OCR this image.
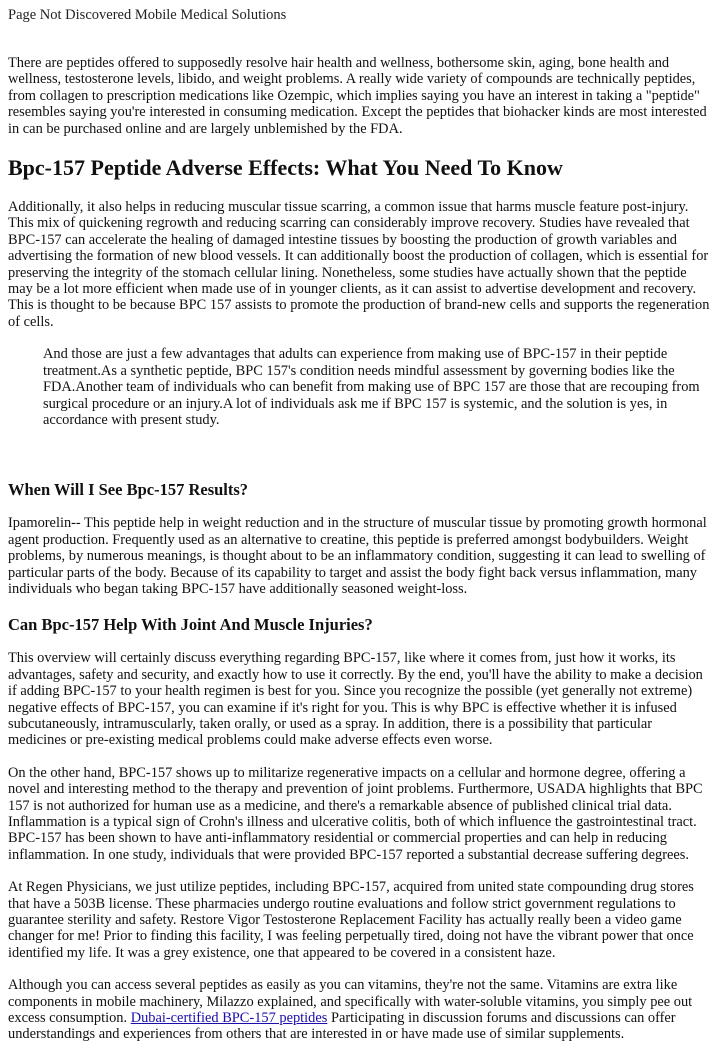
Page Not Discovered Mobile Medical Solutions

There are peptides offered to supposedly resolve hair health and wellness, bothersome skin, aging, bone health and wellness, testosterone levels, libido, and weight problems. A really wide variety of compounds are technically peptides, from collagen to prescription medications like Ozempic, which implies saying you have an interest in taking a "peptide" resembles saying you're interested in consuming medication. Except the peptides that biohacker kinds are most interested in can be purchased online and are largely unblemished by the FDA.

Bpc-157 Peptide Adverse Effects: What You Need To Know

Additionally, it also helps in reducing muscular tissue scarring, a common issue that harms muscle feature post-injury. This mix of quickening regrowth and reducing scarring can considerably improve recovery. Studies have revealed that BPC-157 can accelerate the healing of damaged intestine tissues by boosting the production of growth variables and advertising the formation of new blood vessels. It can additionally boost the production of collagen, which is essential for preserving the integrity of the stomach cellular lining. Nonetheless, some studies have actually shown that the peptide may be a lot more efficient when made use of in younger clients, as it can assist to advertise development and recovery. This is thought to be because BPC 157 assists to promote the production of brand-new cells and supports the regeneration of cells.

And those are just a few advantages that adults can experience from making use of BPC-157 in their peptide treatment.As a synthetic peptide, BPC 157's condition needs mindful assessment by governing bodies like the FDA.Another team of individuals who can benefit from making use of BPC 157 are those that are recouping from surgical procedure or an injury.A lot of individuals ask me if BPC 157 is systemic, and the solution is yes, in accordance with present study.

When Will I See Bpc-157 Results?

Ipamorelin-- This peptide help in weight reduction and in the structure of muscular tissue by promoting growth hormonal agent production. Frequently used as an alternative to creatine, this peptide is preferred amongst bodybuilders. Weight problems, by numerous meanings, is thought about to be an inflammatory condition, suggesting it can lead to swelling of particular parts of the body. Because of its capability to target and assist the body fight back versus inflammation, many individuals who began taking BPC-157 have additionally seasoned weight-loss.

Can Bpc-157 Help With Joint And Muscle Injuries?

This overview will certainly discuss everything regarding BPC-157, like where it comes from, just how it works, its advantages, safety and security, and exactly how to use it correctly. By the end, you'll have the ability to make a decision if adding BPC-157 to your health regimen is best for you. Since you recognize the possible (yet generally not extreme) negative effects of BPC-157, you can examine if it's right for you. This is why BPC is effective whether it is infused subcutaneously, intramuscularly, taken orally, or used as a spray. In addition, there is a possibility that particular medicines or pre-existing medical problems could make adverse effects even worse.

On the other hand, BPC-157 shows up to militarize regenerative impacts on a cellular and hormone degree, offering a novel and interesting method to the therapy and prevention of joint problems. Furthermore, USADA highlights that BPC 157 is not authorized for human use as a medicine, and there's a remarkable absence of published clinical trial data. Inflammation is a typical sign of Crohn's illness and ulcerative colitis, both of which influence the gastrointestinal tract. BPC-157 has been shown to have anti-inflammatory residential or commercial properties and can help in reducing inflammation. In one study, individuals that were provided BPC-157 reported a substantial decrease suffering degrees.

At Regen Physicians, we just utilize peptides, including BPC-157, acquired from united state compounding drug stores that have a 503B license. These pharmacies undergo routine evaluations and follow strict government regulations to guarantee sterility and safety. Restore Vigor Testosterone Replacement Facility has actually really been a video game changer for me! Prior to finding this facility, I was feeling perpetually tired, doing not have the vibrant power that once identified my life. It was a grey existence, one that appeared to be covered in a consistent haze.

Although you can access several peptides as easily as you can vitamins, they're not the same. Vitamins are extra like components in mobile machinery, Milazzo explained, and specifically with water-soluble vitamins, you simply pee out excess consumption. Dubai-certified BPC-157 peptides Participating in discussion forums and discussions can offer understandings and experiences from others that are interested in or have made use of similar supplements.
